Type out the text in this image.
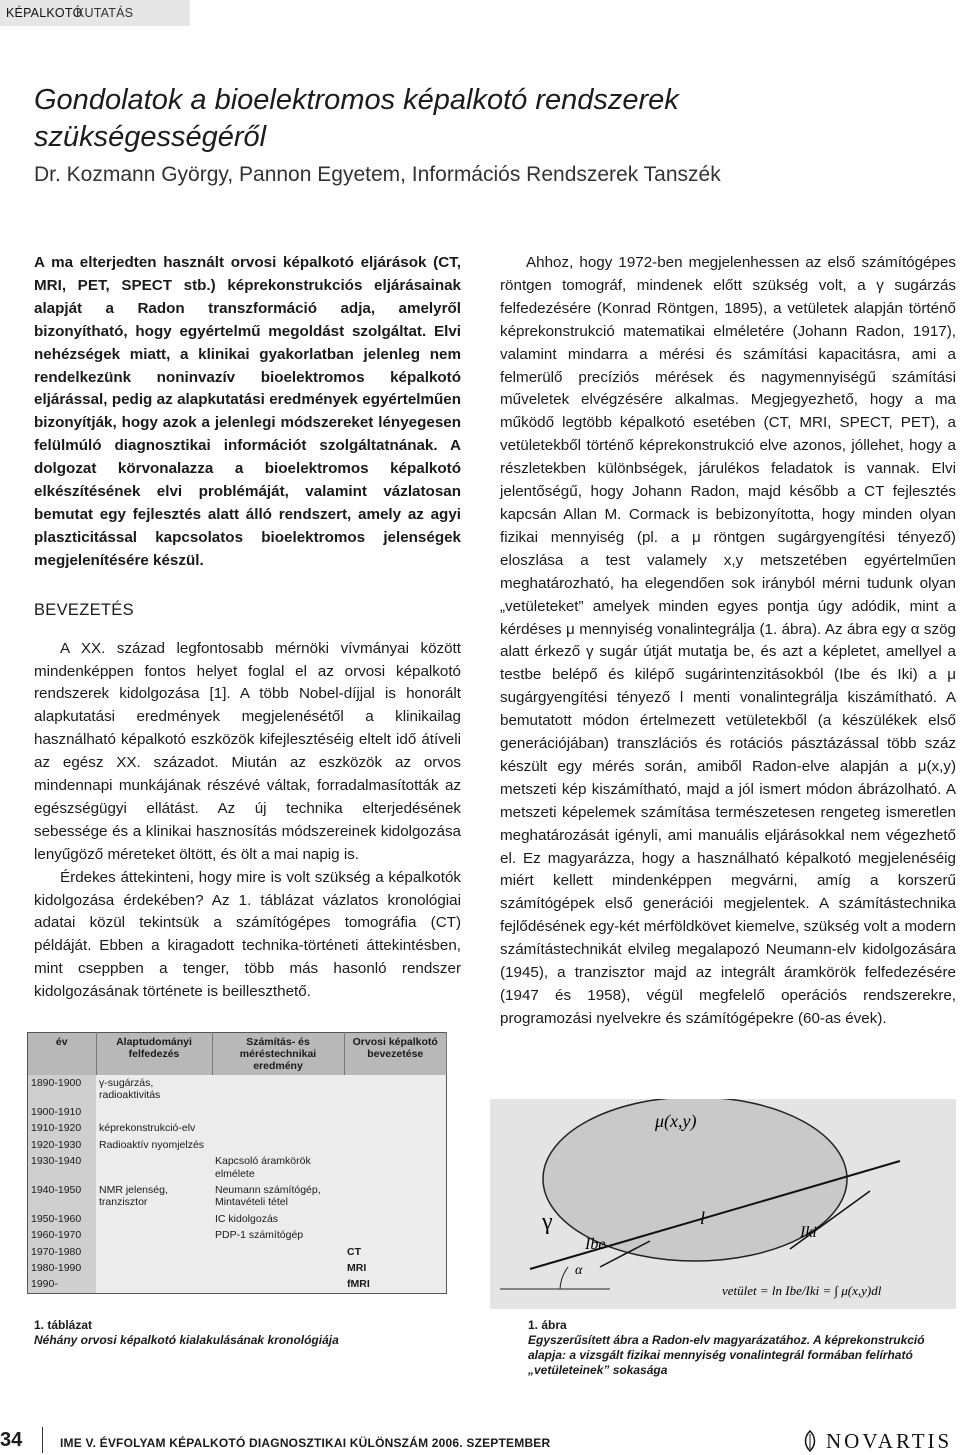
KÉPALKOTÓ
KUTATÁS
Gondolatok a bioelektromos képalkotó rendszerek
szükségességéről
Dr. Kozmann György, Pannon Egyetem, Információs Rendszerek Tanszék

A ma elterjedten használt orvosi képalkotó eljárások (CT, MRI, PET, SPECT stb.) képrekonstrukciós eljárásainak alapját a Radon transzformáció adja, amelyről bizonyítható, hogy egyértelmű megoldást szolgáltat. Elvi nehézségek miatt, a klinikai gyakorlatban jelenleg nem rendelkezünk noninvazív bioelektromos képalkotó eljárással, pedig az alapkutatási eredmények egyértelműen bizonyítják, hogy azok a jelenlegi módszereket lényegesen felülmúló diagnosztikai információt szolgáltatnának. A dolgozat körvonalazza a bioelektromos képalkotó elkészítésének elvi problémáját, valamint vázlatosan bemutat egy fejlesztés alatt álló rendszert, amely az agyi plaszticitással kapcsolatos bioelektromos jelenségek megjelenítésére készül.

BEVEZETÉS

A XX. század legfontosabb mérnöki vívmányai között mindenképpen fontos helyet foglal el az orvosi képalkotó rendszerek kidolgozása [1]. A több Nobel-díjjal is honorált alapkutatási eredmények megjelenésétől a klinikailag használható képalkotó eszközök kifejlesztéséig eltelt idő átíveli az egész XX. századot. Miután az eszközök az orvos mindennapi munkájának részévé váltak, forradalmasították az egészségügyi ellátást. Az új technika elterjedésének sebessége és a klinikai hasznosítás módszereinek kidolgozása lenyűgöző méreteket öltött, és ölt a mai napig is.

Érdekes áttekinteni, hogy mire is volt szükség a képalkotók kidolgozása érdekében? Az 1. táblázat vázlatos kronológiai adatai közül tekintsük a számítógépes tomográfia (CT) példáját. Ebben a kiragadott technika-történeti áttekintésben, mint cseppben a tenger, több más hasonló rendszer kidolgozásának története is beilleszthető.

Ahhoz, hogy 1972-ben megjelenhessen az első számítógépes röntgen tomográf, mindenek előtt szükség volt, a γ sugárzás felfedezésére (Konrad Röntgen, 1895), a vetületek alapján történő képrekonstrukció matematikai elméletére (Johann Radon, 1917), valamint mindarra a mérési és számítási kapacitásra, ami a felmerülő precíziós mérések és nagymennyiségű számítási műveletek elvégzésére alkalmas. Megjegyezhető, hogy a ma működő legtöbb képalkotó esetében (CT, MRI, SPECT, PET), a vetületekből történő képrekonstrukció elve azonos, jóllehet, hogy a részletekben különbségek, járulékos feladatok is vannak. Elvi jelentőségű, hogy Johann Radon, majd később a CT fejlesztés kapcsán Allan M. Cormack is bebizonyította, hogy minden olyan fizikai mennyiség (pl. a μ röntgen sugárgyengítési tényező) eloszlása a test valamely x,y metszetében egyértelműen meghatározható, ha elegendően sok irányból mérni tudunk olyan „vetületeket” amelyek minden egyes pontja úgy adódik, mint a kérdéses μ mennyiség vonalintegrálja (1. ábra). Az ábra egy α szög alatt érkező γ sugár útját mutatja be, és azt a képletet, amellyel a testbe belépő és kilépő sugárintenzitásokból (Ibe és Iki) a μ sugárgyengítési tényező l menti vonalintegrálja kiszámítható. A bemutatott módon értelmezett vetületekből (a készülékek első generációjában) transzlációs és rotációs pásztázással több száz készült egy mérés során, amiből Radon-elve alapján a μ(x,y) metszeti kép kiszámítható, majd a jól ismert módon ábrázolható. A metszeti képelemek számítása természetesen rengeteg ismeretlen meghatározását igényli, ami manuális eljárásokkal nem végezhető el. Ez magyarázza, hogy a használható képalkotó megjelenéséig miért kellett mindenképpen megvárni, amíg a korszerű számítógépek első generációi megjelentek. A számítástechnika fejlődésének egy-két mérföldkövet kiemelve, szükség volt a modern számítástechnikát elvileg megalapozó Neumann-elv kidolgozására (1945), a tranzisztor majd az integrált áramkörök felfedezésére (1947 és 1958), végül megfelelő operációs rendszerekre, programozási nyelvekre és számítógépekre (60-as évek).

év	Alaptudományi felfedezés	Számítás- és méréstechnikai eredmény	Orvosi képalkotó bevezetése
1890-1900	γ-sugárzás, radioaktivitás		
1900-1910			
1910-1920	képrekonstrukció-elv		
1920-1930	Radioaktív nyomjelzés		
1930-1940		Kapcsoló áramkörök elmélete	
1940-1950	NMR jelenség, tranzisztor	Neumann számítógép, Mintavételi tétel	
1950-1960		IC kidolgozás	
1960-1970		PDP-1 számítógép	
1970-1980			CT
1980-1990			MRI
1990-			fMRI
1. táblázat
Néhány orvosi képalkotó kialakulásának kronológiája
μ(x,y)
γ	l
Ibe
Iki
α
vetület = ln Ibe/Iki = ∫ μ(x,y)dl
1. ábra
Egyszerűsített ábra a Radon-elv magyarázatához. A képrekonstrukció alapja: a vizsgált fizikai mennyiség vonalintegrál formában felírható „vetületeinek” sokasága
34	IME V. ÉVFOLYAM KÉPALKOTÓ DIAGNOSZTIKAI KÜLÖNSZÁM 2006. SZEPTEMBER	NOVARTIS
